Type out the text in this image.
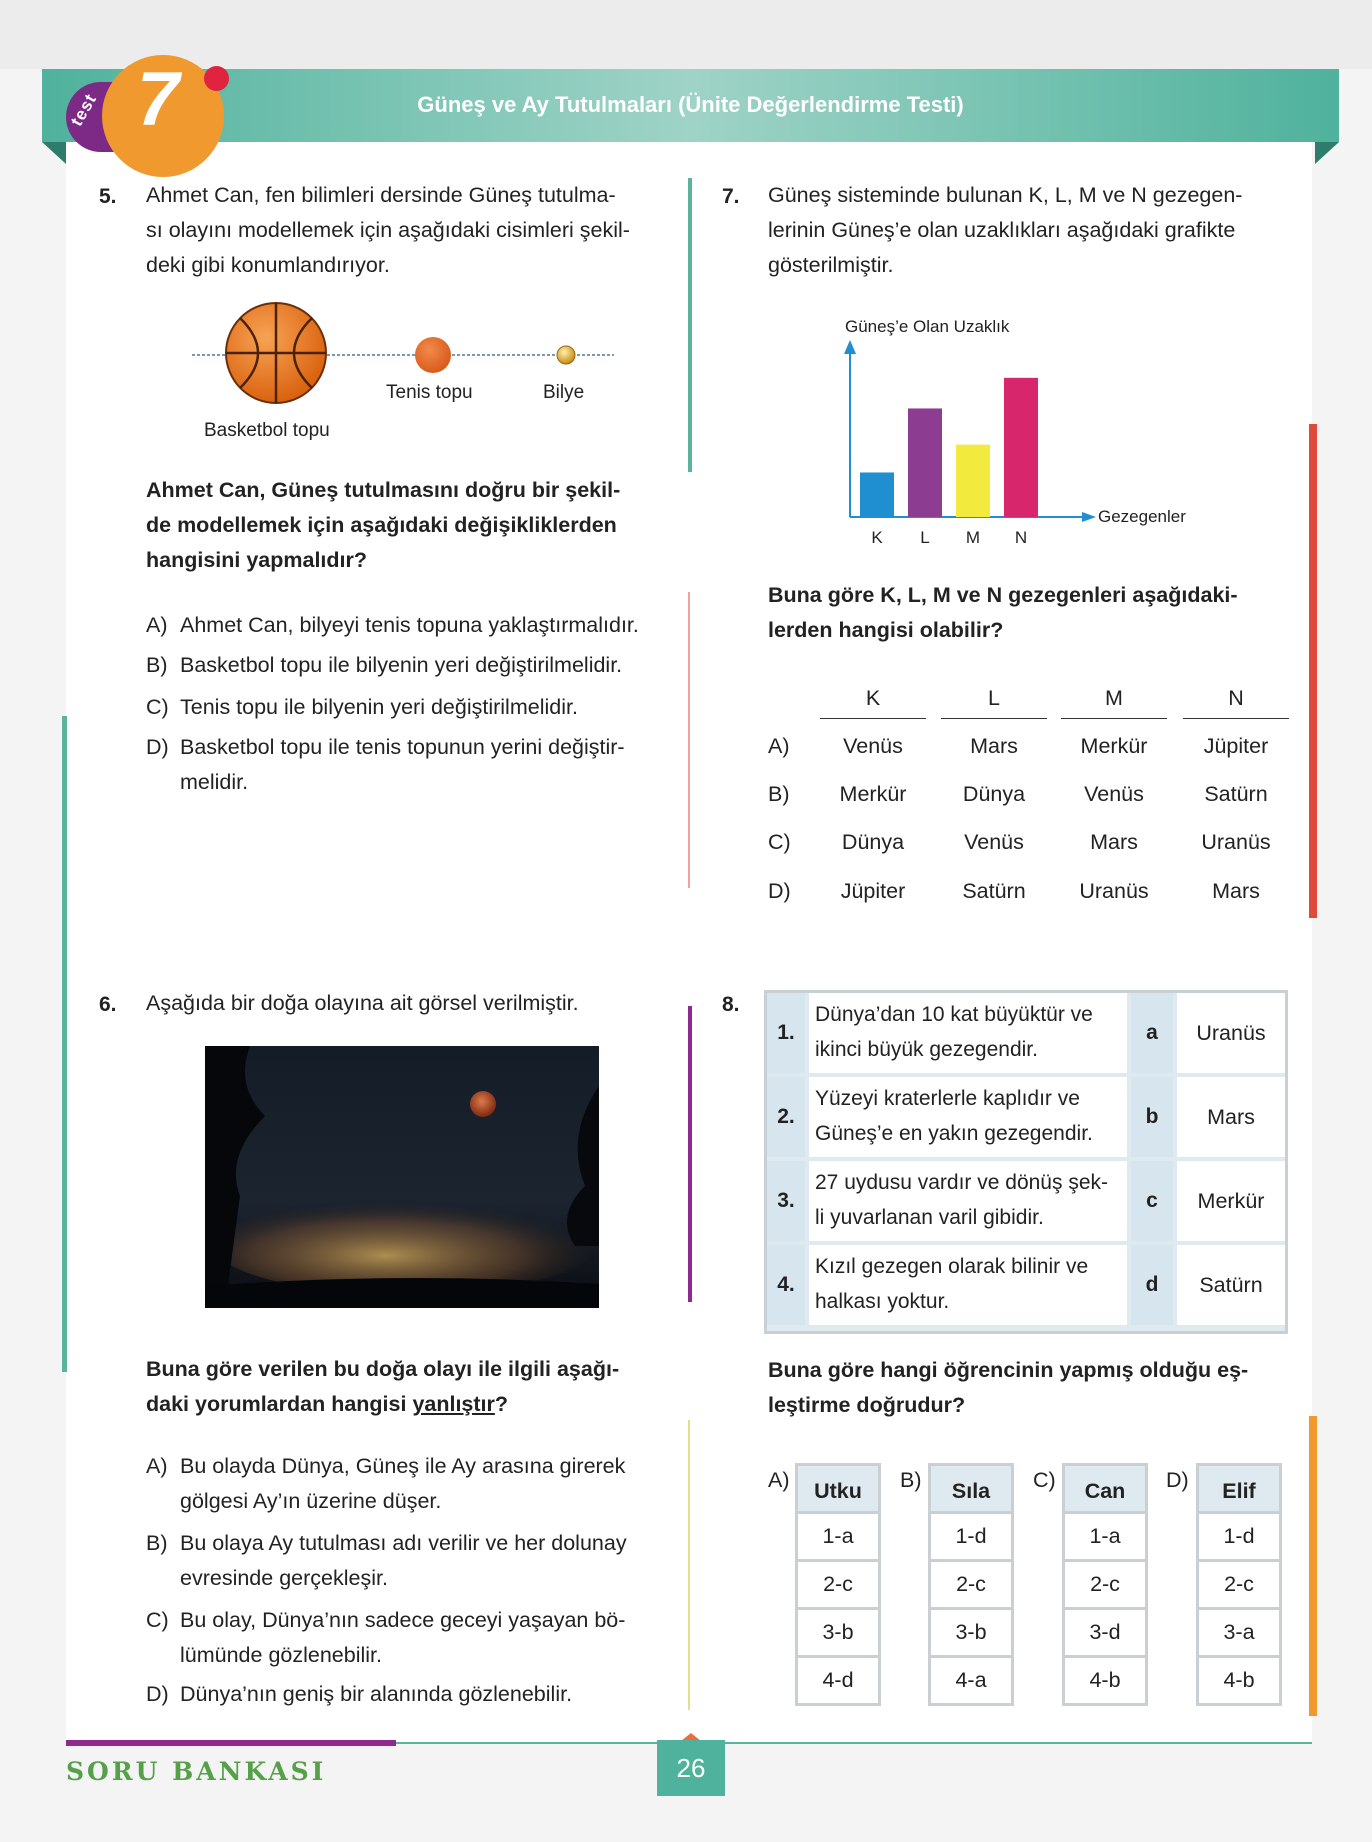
Güneş ve Ay Tutulmaları (Ünite Değerlendirme Testi)
test 7
5. Ahmet Can, fen bilimleri dersinde Güneş tutulma-
sı olayını modellemek için aşağıdaki cisimleri şekil-
deki gibi konumlandırıyor.
Tenis topu	Bilye
Basketbol topu
Ahmet Can, Güneş tutulmasını doğru bir şekil-
de modellemek için aşağıdaki değişikliklerden
hangisini yapmalıdır?
A) Ahmet Can, bilyeyi tenis topuna yaklaştırmalıdır.
B) Basketbol topu ile bilyenin yeri değiştirilmelidir.
C) Tenis topu ile bilyenin yeri değiştirilmelidir.
D) Basketbol topu ile tenis topunun yerini değiştir-
melidir.
7. Güneş sisteminde bulunan K, L, M ve N gezegen-
lerinin Güneş’e olan uzaklıkları aşağıdaki grafikte
gösterilmiştir.
Güneş’e Olan Uzaklık
Gezegenler
K L M N
Buna göre K, L, M ve N gezegenleri aşağıdaki-
lerden hangisi olabilir?
K	L	M	N
A)	Venüs	Mars	Merkür	Jüpiter
B)	Merkür	Dünya	Venüs	Satürn
C)	Dünya	Venüs	Mars	Uranüs
D)	Jüpiter	Satürn	Uranüs	Mars
6. Aşağıda bir doğa olayına ait görsel verilmiştir.
Buna göre verilen bu doğa olayı ile ilgili aşağı-
daki yorumlardan hangisi yanlıştır?
A) Bu olayda Dünya, Güneş ile Ay arasına girerek
gölgesi Ay’ın üzerine düşer.
B) Bu olaya Ay tutulması adı verilir ve her dolunay
evresinde gerçekleşir.
C) Bu olay, Dünya’nın sadece geceyi yaşayan bö-
lümünde gözlenebilir.
D) Dünya’nın geniş bir alanında gözlenebilir.
8.
1.
Dünya’dan 10 kat büyüktür ve
ikinci büyük gezegendir.
a	Uranüs
2.
Yüzeyi kraterlerle kaplıdır ve
Güneş’e en yakın gezegendir.
b	Mars
3.
27 uydusu vardır ve dönüş şek-
li yuvarlanan varil gibidir.
c	Merkür
4.
Kızıl gezegen olarak bilinir ve
halkası yoktur.
d	Satürn
Buna göre hangi öğrencinin yapmış olduğu eş-
leştirme doğrudur?
A)	Utku
1-a
2-c
3-b
4-d
B)	Sıla
1-d
2-c
3-b
4-a
C)	Can
1-a
2-c
3-d
4-b
D)	Elif
1-d
2-c
3-a
4-b
SORU BANKASI	26
